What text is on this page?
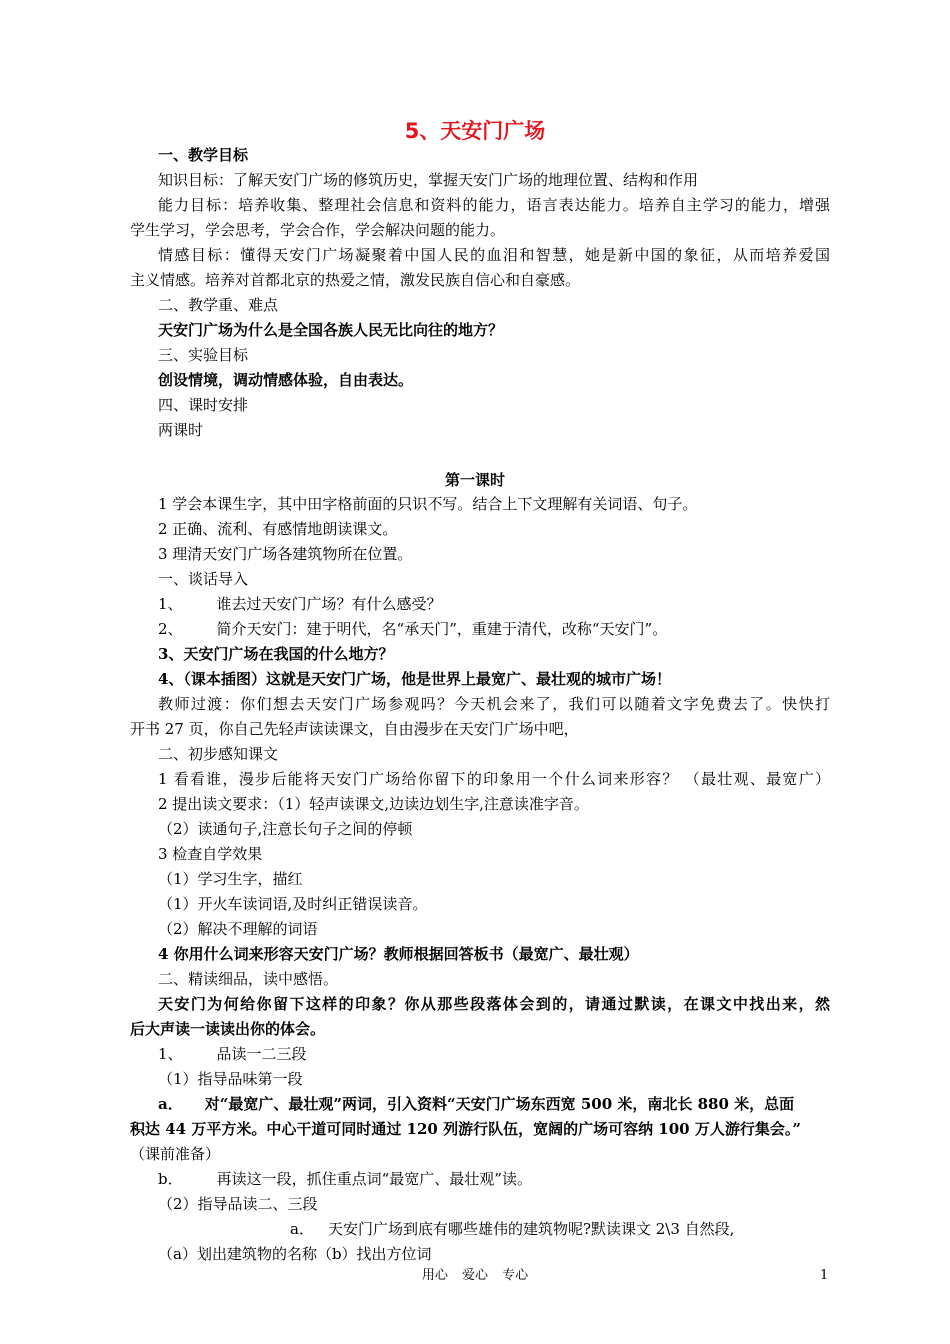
5、天安门广场
一、教学目标
知识目标：了解天安门广场的修筑历史，掌握天安门广场的地理位置、结构和作用
能力目标：培养收集、整理社会信息和资料的能力，语言表达能力。培养自主学习的能力，增强
学生学习，学会思考，学会合作，学会解决问题的能力。
情感目标：懂得天安门广场凝聚着中国人民的血泪和智慧，她是新中国的象征，从而培养爱国
主义情感。培养对首都北京的热爱之情，激发民族自信心和自豪感。
二、教学重、难点
天安门广场为什么是全国各族人民无比向往的地方？
三、实验目标
创设情境，调动情感体验，自由表达。
四、课时安排
两课时
第一课时
1 学会本课生字，其中田字格前面的只识不写。结合上下文理解有关词语、句子。
2 正确、流利、有感情地朗读课文。
3 理清天安门广场各建筑物所在位置。
一、谈话导入
1、 谁去过天安门广场？有什么感受？
2、 简介天安门：建于明代，名“承天门”，重建于清代，改称“天安门”。
3、天安门广场在我国的什么地方？
4、（课本插图）这就是天安门广场，他是世界上最宽广、最壮观的城市广场！
教师过渡：你们想去天安门广场参观吗？今天机会来了，我们可以随着文字免费去了。快快打
开书 27 页，你自己先轻声读读课文，自由漫步在天安门广场中吧，
二、初步感知课文
1 看看谁，漫步后能将天安门广场给你留下的印象用一个什么词来形容？ （最壮观、最宽广）
2 提出读文要求：（1）轻声读课文,边读边划生字,注意读准字音。
（2）读通句子,注意长句子之间的停顿
3 检查自学效果
（1）学习生字，描红
（1）开火车读词语,及时纠正错误读音。
（2）解决不理解的词语
4 你用什么词来形容天安门广场？教师根据回答板书（最宽广、最壮观）
二、精读细品，读中感悟。
天安门为何给你留下这样的印象？你从那些段落体会到的，请通过默读，在课文中找出来，然
后大声读一读读出你的体会。
1、 品读一二三段
（1）指导品味第一段
a． 对“最宽广、最壮观”两词，引入资料“天安门广场东西宽 500 米，南北长 880 米，总面
积达 44 万平方米。中心干道可同时通过 120 列游行队伍，宽阔的广场可容纳 100 万人游行集会。”
（课前准备）
b． 再读这一段，抓住重点词“最宽广、最壮观”读。
（2）指导品读二、三段
a． 天安门广场到底有哪些雄伟的建筑物呢?默读课文 2\3 自然段,
（a）划出建筑物的名称（b）找出方位词
用心 爱心 专心	1
